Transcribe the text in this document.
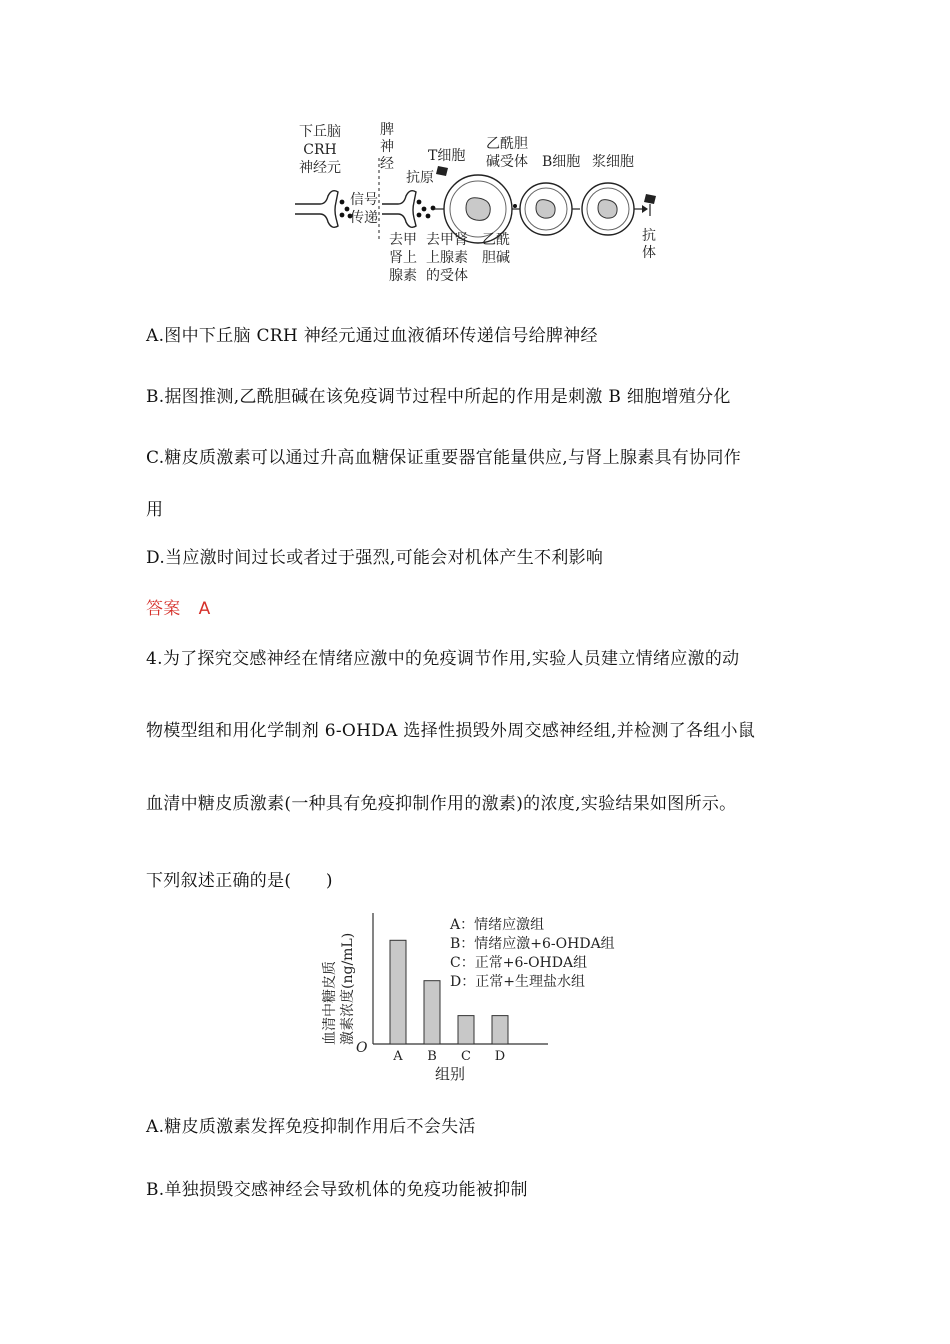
下丘脑
CRH
神经元
信号
传递
脾
神
经
抗原
T细胞
乙酰胆
碱受体 B细胞 浆细胞
抗
体
去甲
肾上
腺素
去甲肾
上腺素
的受体
乙酰
胆碱
A.图中下丘脑 CRH 神经元通过血液循环传递信号给脾神经
B.据图推测,乙酰胆碱在该免疫调节过程中所起的作用是刺激 B 细胞增殖分化
C.糖皮质激素可以通过升高血糖保证重要器官能量供应,与肾上腺素具有协同作
用
D.当应激时间过长或者过于强烈,可能会对机体产生不利影响
答案 A
4.为了探究交感神经在情绪应激中的免疫调节作用,实验人员建立情绪应激的动
物模型组和用化学制剂 6-OHDA 选择性损毁外周交感神经组,并检测了各组小鼠
血清中糖皮质激素(一种具有免疫抑制作用的激素)的浓度,实验结果如图所示。
下列叙述正确的是(　　)
血清中糖皮质 激素浓度(ng/mL)
O
A B C D
组别
A：情绪应激组
B：情绪应激+6-OHDA组
C：正常+6-OHDA组
D：正常+生理盐水组
A.糖皮质激素发挥免疫抑制作用后不会失活
B.单独损毁交感神经会导致机体的免疫功能被抑制
